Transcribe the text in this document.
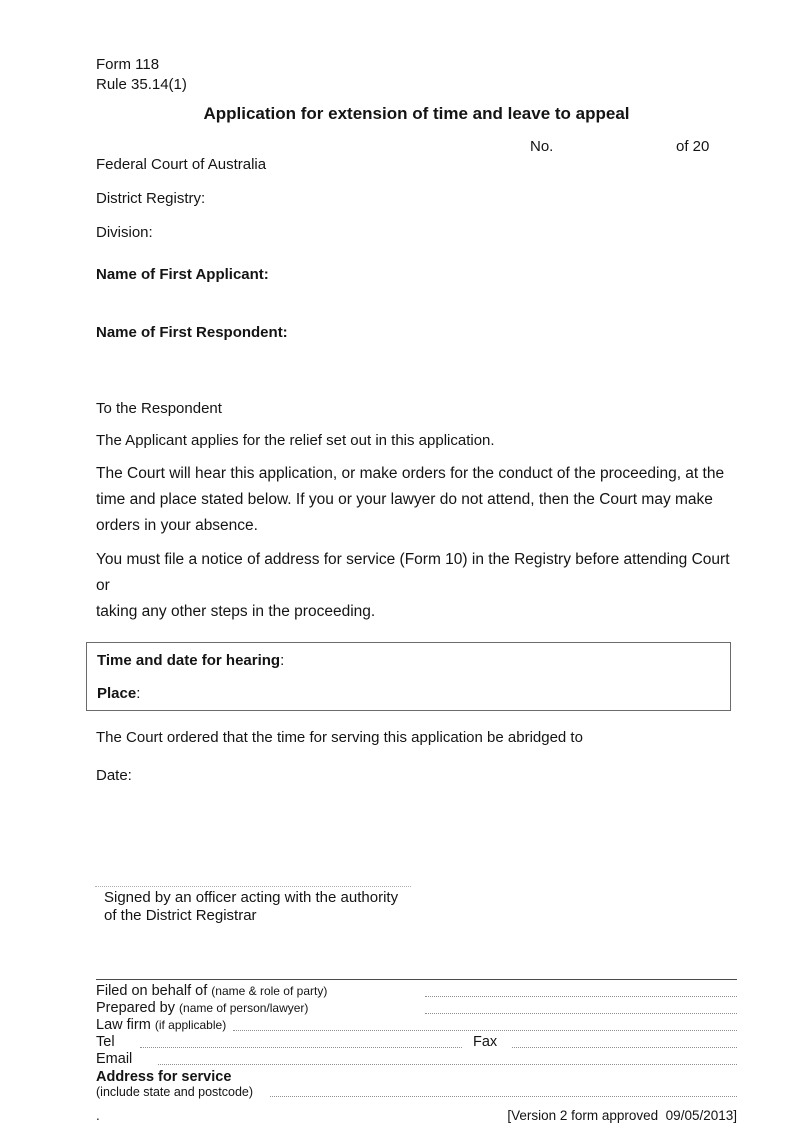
Form 118
Rule 35.14(1)
Application for extension of time and leave to appeal
No.	of 20
Federal Court of Australia
District Registry:
Division:
Name of First Applicant:
Name of First Respondent:
To the Respondent
The Applicant applies for the relief set out in this application.
The Court will hear this application, or make orders for the conduct of the proceeding, at the
time and place stated below. If you or your lawyer do not attend, then the Court may make
orders in your absence.
You must file a notice of address for service (Form 10) in the Registry before attending Court or
taking any other steps in the proceeding.
Time and date for hearing:
Place:
The Court ordered that the time for serving this application be abridged to
Date:
Signed by an officer acting with the authority
of the District Registrar
Filed on behalf of (name & role of party)
Prepared by (name of person/lawyer)
Law firm (if applicable)
Tel	Fax
Email
Address for service
(include state and postcode)
.	[Version 2 form approved  09/05/2013]
